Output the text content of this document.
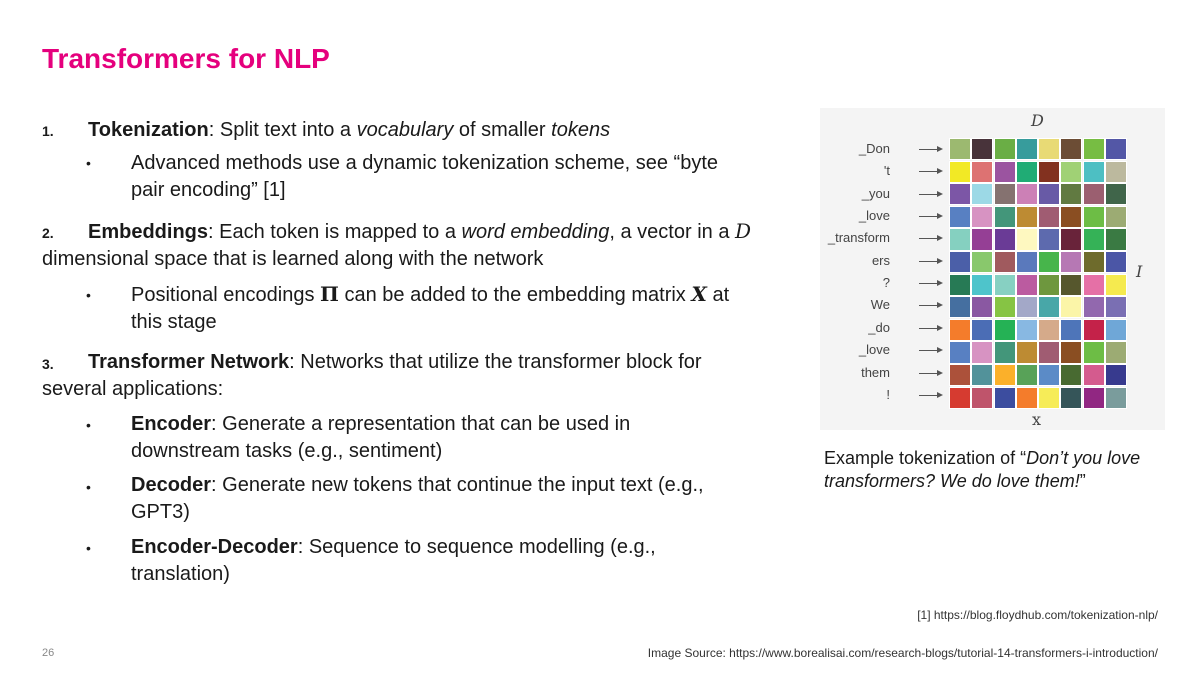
Transformers for NLP
1. Tokenization: Split text into a vocabulary of smaller tokens
• Advanced methods use a dynamic tokenization scheme, see “byte pair encoding” [1]
2.	Embeddings: Each token is mapped to a word embedding, a vector in a D dimensional space that is learned along with the network
• Positional encodings Π can be added to the embedding matrix X at this stage
3.	Transformer Network: Networks that utilize the transformer block for several applications:
• Encoder: Generate a representation that can be used in downstream tasks (e.g., sentiment)
• Decoder: Generate new tokens that continue the input text (e.g., GPT3)
• Encoder-Decoder: Sequence to sequence modelling (e.g., translation)
D
I
x
_Don
't
_you
_love
_transform
ers
?
We
_do
_love
them
!
Example tokenization of “Don’t you love transformers? We do love them!”
[1] https://blog.floydhub.com/tokenization-nlp/
26	Image Source: https://www.borealisai.com/research-blogs/tutorial-14-transformers-i-introduction/
